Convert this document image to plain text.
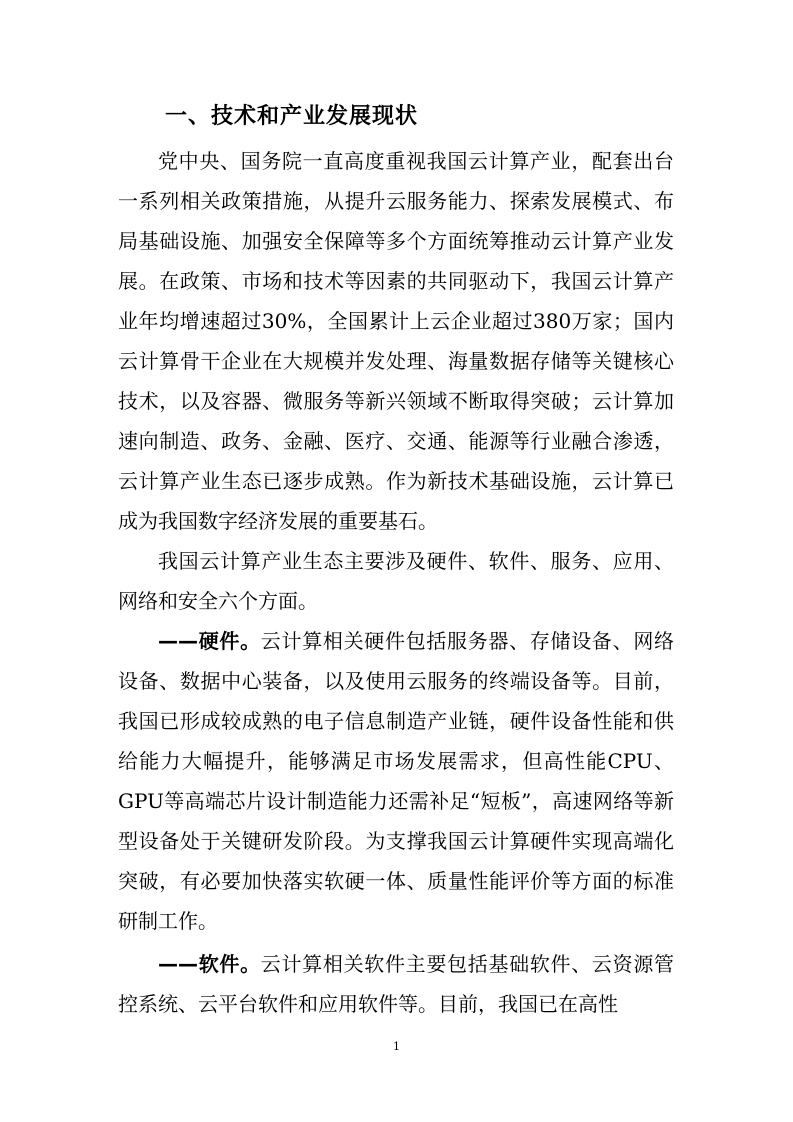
一、技术和产业发展现状

党中央、国务院一直高度重视我国云计算产业，配套出台一系列相关政策措施，从提升云服务能力、探索发展模式、布局基础设施、加强安全保障等多个方面统筹推动云计算产业发展。在政策、市场和技术等因素的共同驱动下，我国云计算产业年均增速超过30%，全国累计上云企业超过380万家；国内云计算骨干企业在大规模并发处理、海量数据存储等关键核心技术，以及容器、微服务等新兴领域不断取得突破；云计算加速向制造、政务、金融、医疗、交通、能源等行业融合渗透，云计算产业生态已逐步成熟。作为新技术基础设施，云计算已成为我国数字经济发展的重要基石。

我国云计算产业生态主要涉及硬件、软件、服务、应用、网络和安全六个方面。

——硬件。云计算相关硬件包括服务器、存储设备、网络设备、数据中心装备，以及使用云服务的终端设备等。目前，我国已形成较成熟的电子信息制造产业链，硬件设备性能和供给能力大幅提升，能够满足市场发展需求，但高性能CPU、GPU等高端芯片设计制造能力还需补足“短板”，高速网络等新型设备处于关键研发阶段。为支撑我国云计算硬件实现高端化突破，有必要加快落实软硬一体、质量性能评价等方面的标准研制工作。

——软件。云计算相关软件主要包括基础软件、云资源管控系统、云平台软件和应用软件等。目前，我国已在高性

1
